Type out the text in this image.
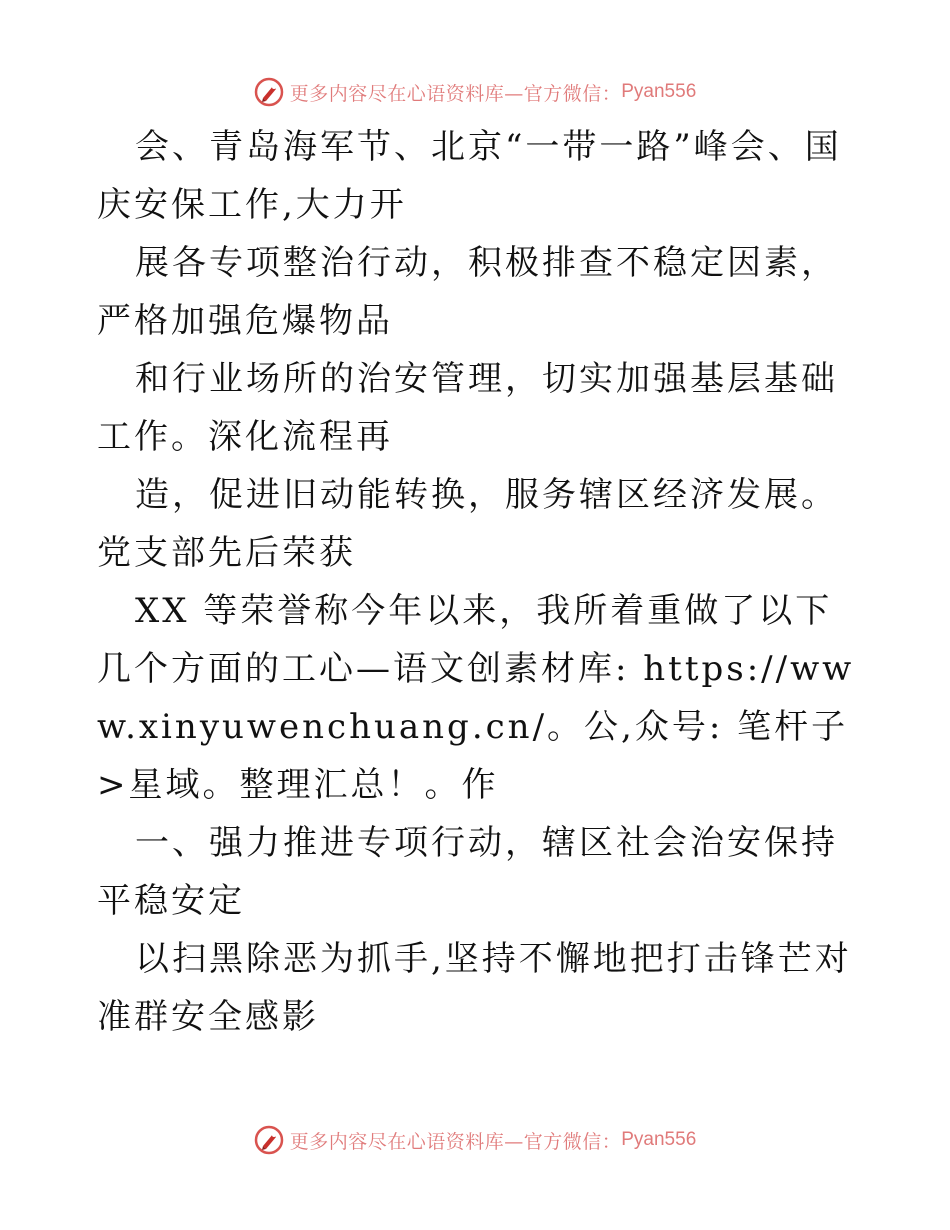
更多内容尽在心语资料库—官方微信： Pyan556

会、青岛海军节、北京“一带一路”峰会、国庆安保工作,大力开

展各专项整治行动，积极排查不稳定因素，严格加强危爆物品

和行业场所的治安管理，切实加强基层基础工作。深化流程再

造，促进旧动能转换，服务辖区经济发展。党支部先后荣获

XX 等荣誉称今年以来，我所着重做了以下几个方面的工心—语文创素材库: https://www.xinyuwenchuang.cn/。公,众号: 笔杆子>星域。整理汇总！。作

一、强力推进专项行动，辖区社会治安保持平稳安定

以扫黑除恶为抓手,坚持不懈地把打击锋芒对准群安全感影

更多内容尽在心语资料库—官方微信： Pyan556
